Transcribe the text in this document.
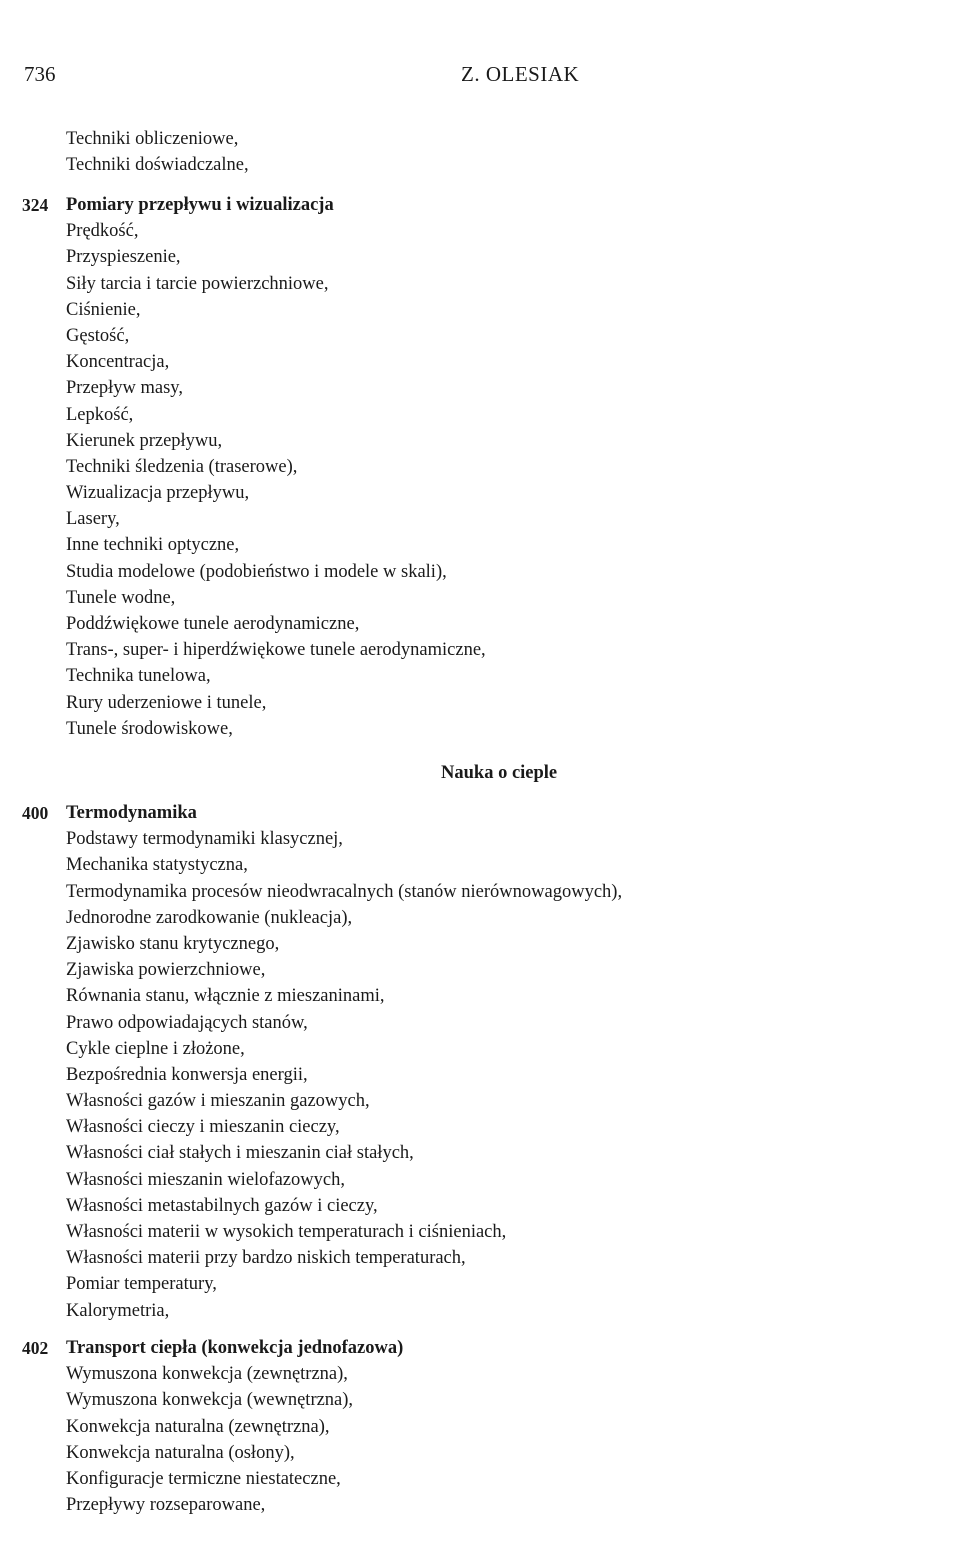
736	Z. OLESIAK
Techniki obliczeniowe,
Techniki doświadczalne,
324 Pomiary przepływu i wizualizacja
Prędkość,
Przyspieszenie,
Siły tarcia i tarcie powierzchniowe,
Ciśnienie,
Gęstość,
Koncentracja,
Przepływ masy,
Lepkość,
Kierunek przepływu,
Techniki śledzenia (traserowe),
Wizualizacja przepływu,
Lasery,
Inne techniki optyczne,
Studia modelowe (podobieństwo i modele w skali),
Tunele wodne,
Poddźwiękowe tunele aerodynamiczne,
Trans-, super- i hiperdźwiękowe tunele aerodynamiczne,
Technika tunelowa,
Rury uderzeniowe i tunele,
Tunele środowiskowe,
Nauka o cieple
400 Termodynamika
Podstawy termodynamiki klasycznej,
Mechanika statystyczna,
Termodynamika procesów nieodwracalnych (stanów nierównowagowych),
Jednorodne zarodkowanie (nukleacja),
Zjawisko stanu krytycznego,
Zjawiska powierzchniowe,
Równania stanu, włącznie z mieszaninami,
Prawo odpowiadających stanów,
Cykle cieplne i złożone,
Bezpośrednia konwersja energii,
Własności gazów i mieszanin gazowych,
Własności cieczy i mieszanin cieczy,
Własności ciał stałych i mieszanin ciał stałych,
Własności mieszanin wielofazowych,
Własności metastabilnych gazów i cieczy,
Własności materii w wysokich temperaturach i ciśnieniach,
Własności materii przy bardzo niskich temperaturach,
Pomiar temperatury,
Kalorymetria,
402 Transport ciepła (konwekcja jednofazowa)
Wymuszona konwekcja (zewnętrzna),
Wymuszona konwekcja (wewnętrzna),
Konwekcja naturalna (zewnętrzna),
Konwekcja naturalna (osłony),
Konfiguracje termiczne niestateczne,
Przepływy rozseparowane,
